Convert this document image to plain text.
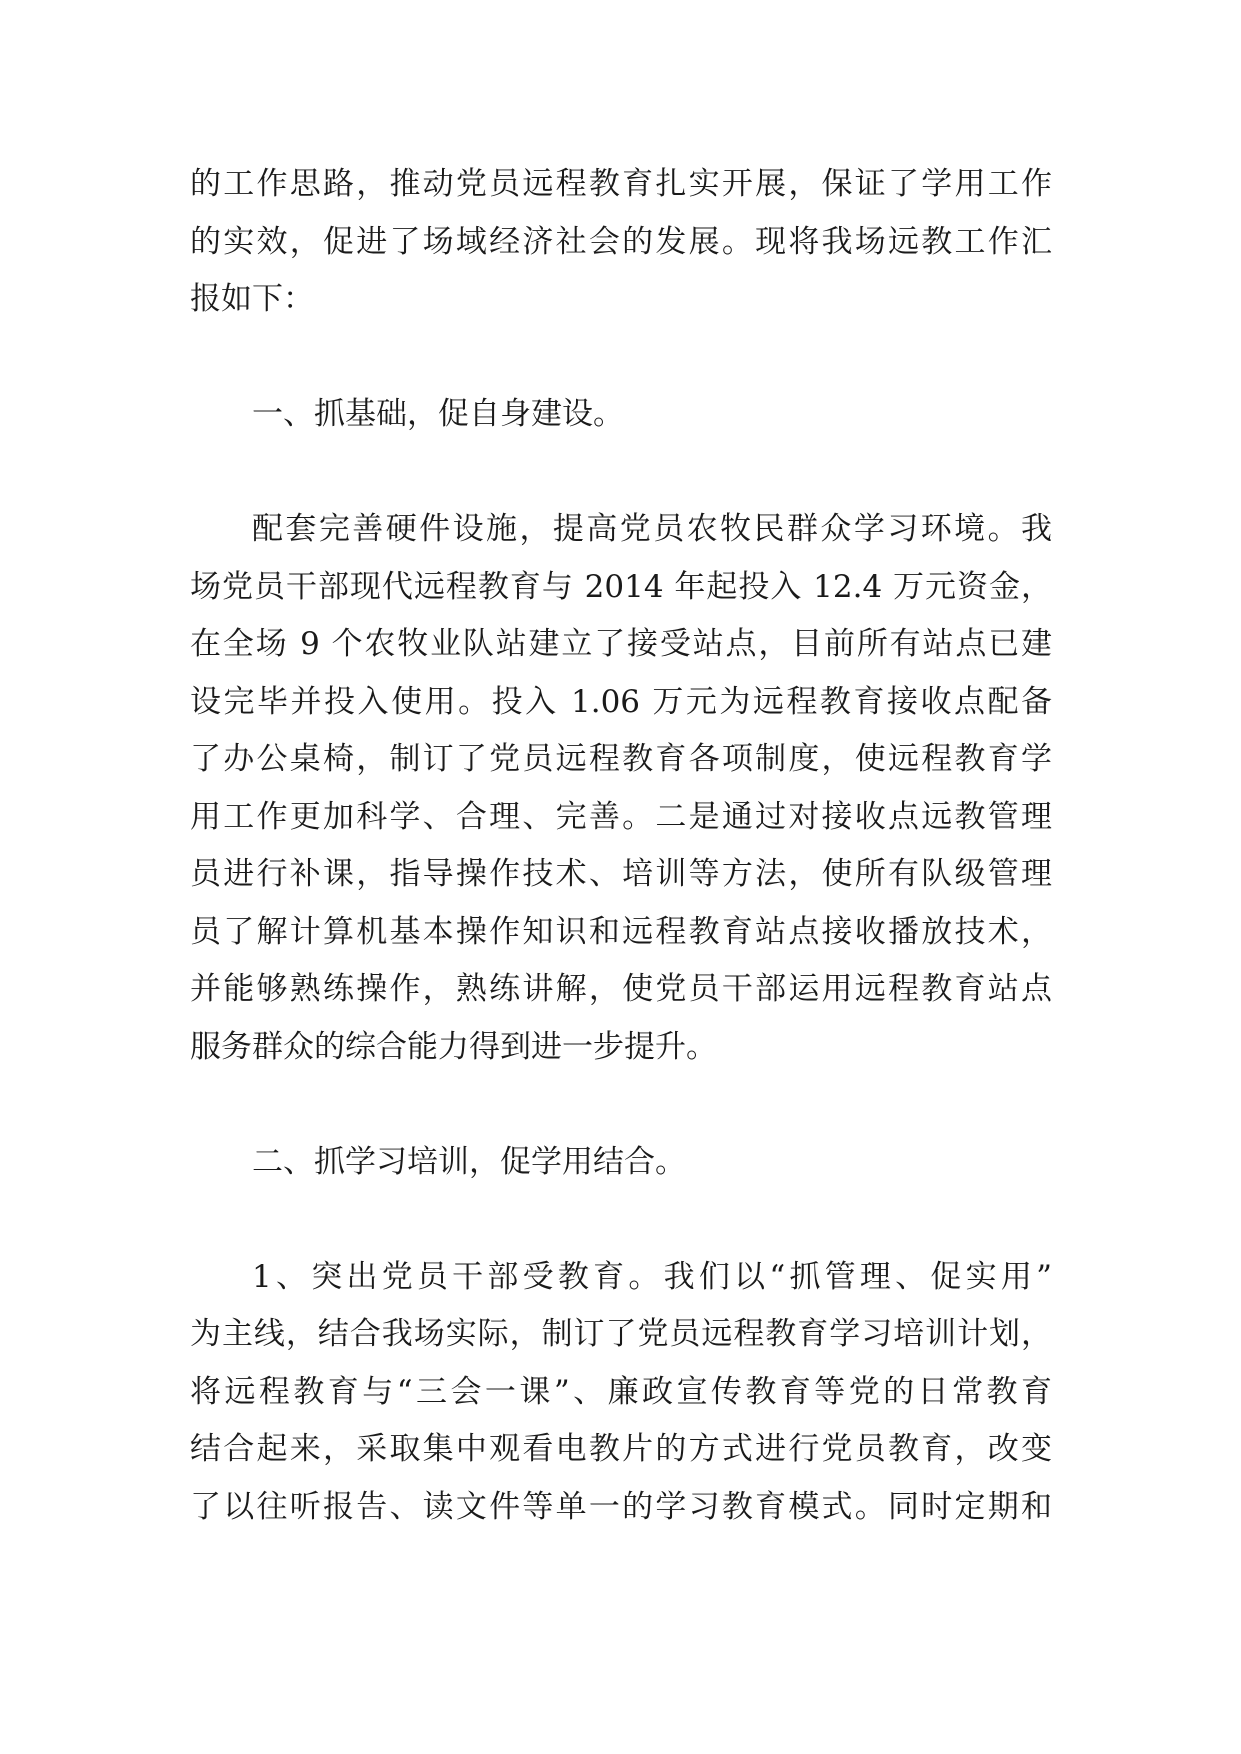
的工作思路，推动党员远程教育扎实开展，保证了学用工作
的实效，促进了场域经济社会的发展。现将我场远教工作汇
报如下：
一、抓基础，促自身建设。
配套完善硬件设施，提高党员农牧民群众学习环境。我
场党员干部现代远程教育与 2014 年起投入 12.4 万元资金，
在全场 9 个农牧业队站建立了接受站点，目前所有站点已建
设完毕并投入使用。投入 1.06 万元为远程教育接收点配备
了办公桌椅，制订了党员远程教育各项制度，使远程教育学
用工作更加科学、合理、完善。二是通过对接收点远教管理
员进行补课，指导操作技术、培训等方法，使所有队级管理
员了解计算机基本操作知识和远程教育站点接收播放技术，
并能够熟练操作，熟练讲解，使党员干部运用远程教育站点
服务群众的综合能力得到进一步提升。
二、抓学习培训，促学用结合。
1、突出党员干部受教育。我们以“抓管理、促实用”
为主线，结合我场实际，制订了党员远程教育学习培训计划，
将远程教育与“三会一课”、廉政宣传教育等党的日常教育
结合起来，采取集中观看电教片的方式进行党员教育，改变
了以往听报告、读文件等单一的学习教育模式。同时定期和
